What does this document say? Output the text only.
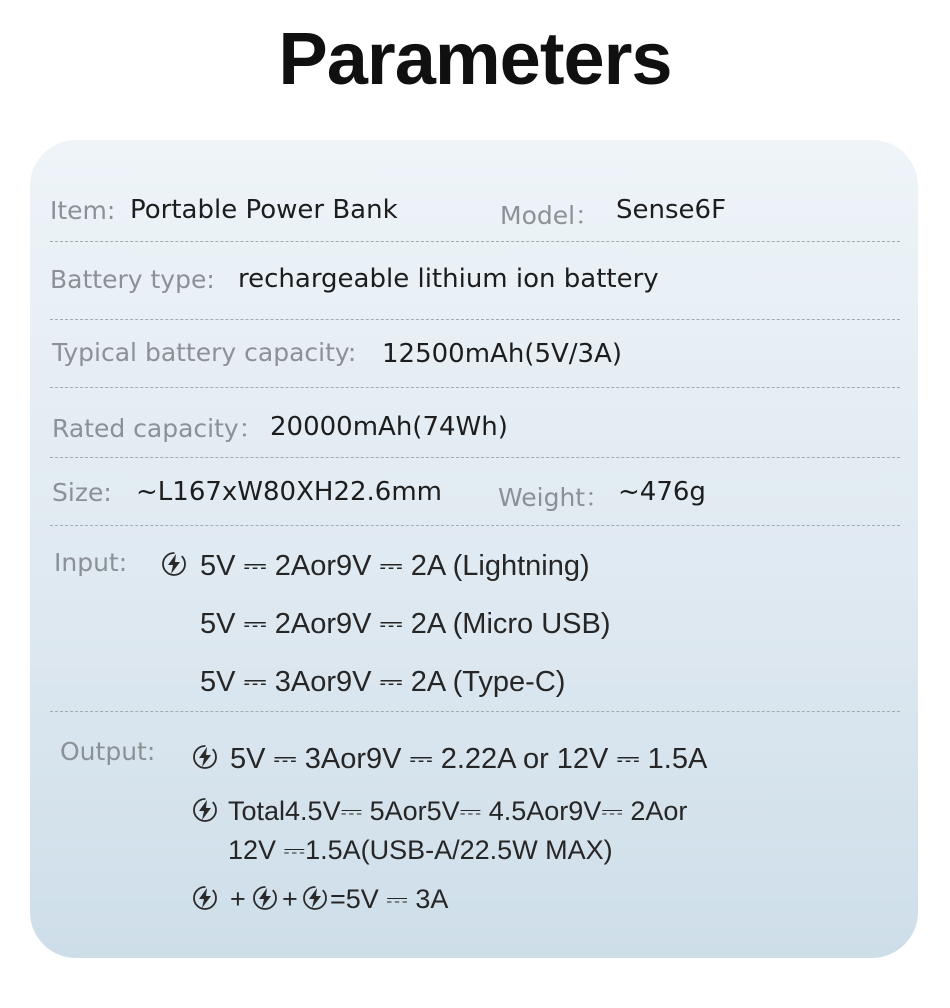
Parameters
Item: Portable Power Bank	Model： Sense6F
Battery type: rechargeable lithium ion battery
Typical battery capacity: 12500mAh(5V/3A)
Rated capacity： 20000mAh(74Wh)
Size: ~L167xW80XH22.6mm Weight： ~476g
Input:	5V ⎓ 2Aor9V ⎓ 2A (Lightning)
5V ⎓ 2Aor9V ⎓ 2A (Micro USB)
5V ⎓ 3Aor9V ⎓ 2A (Type-C)
Output:	5V ⎓ 3Aor9V ⎓ 2.22A or 12V ⎓ 1.5A
Total4.5V⎓ 5Aor5V⎓ 4.5Aor9V⎓ 2Aor
12V ⎓1.5A(USB-A/22.5W MAX)
+ + =5V ⎓ 3A
